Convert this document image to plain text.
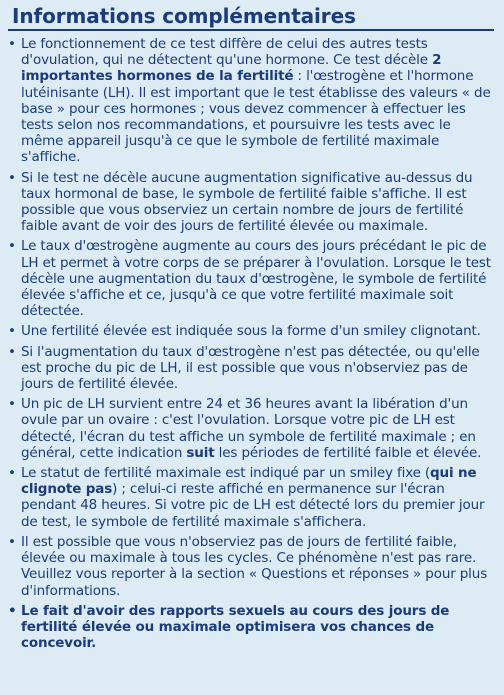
Informations complémentaires
• Le fonctionnement de ce test diffère de celui des autres tests d'ovulation, qui ne détectent qu'une hormone. Ce test décèle 2 importantes hormones de la fertilité : l'œstrogène et l'hormone lutéinisante (LH). Il est important que le test établisse des valeurs « de base » pour ces hormones ; vous devez commencer à effectuer les tests selon nos recommandations, et poursuivre les tests avec le même appareil jusqu'à ce que le symbole de fertilité maximale s'affiche.
• Si le test ne décèle aucune augmentation significative au-dessus du taux hormonal de base, le symbole de fertilité faible s'affiche. Il est possible que vous observiez un certain nombre de jours de fertilité faible avant de voir des jours de fertilité élevée ou maximale.
• Le taux d'œstrogène augmente au cours des jours précédant le pic de LH et permet à votre corps de se préparer à l'ovulation. Lorsque le test décèle une augmentation du taux d'œstrogène, le symbole de fertilité élevée s'affiche et ce, jusqu'à ce que votre fertilité maximale soit détectée.
• Une fertilité élevée est indiquée sous la forme d'un smiley clignotant.
• Si l'augmentation du taux d'œstrogène n'est pas détectée, ou qu'elle est proche du pic de LH, il est possible que vous n'observiez pas de jours de fertilité élevée.
• Un pic de LH survient entre 24 et 36 heures avant la libération d'un ovule par un ovaire : c'est l'ovulation. Lorsque votre pic de LH est détecté, l'écran du test affiche un symbole de fertilité maximale ; en général, cette indication suit les périodes de fertilité faible et élevée.
• Le statut de fertilité maximale est indiqué par un smiley fixe (qui ne clignote pas) ; celui-ci reste affiché en permanence sur l'écran pendant 48 heures. Si votre pic de LH est détecté lors du premier jour de test, le symbole de fertilité maximale s'affichera.
• Il est possible que vous n'observiez pas de jours de fertilité faible, élevée ou maximale à tous les cycles. Ce phénomène n'est pas rare. Veuillez vous reporter à la section « Questions et réponses » pour plus d'informations.
• Le fait d'avoir des rapports sexuels au cours des jours de fertilité élevée ou maximale optimisera vos chances de concevoir.
